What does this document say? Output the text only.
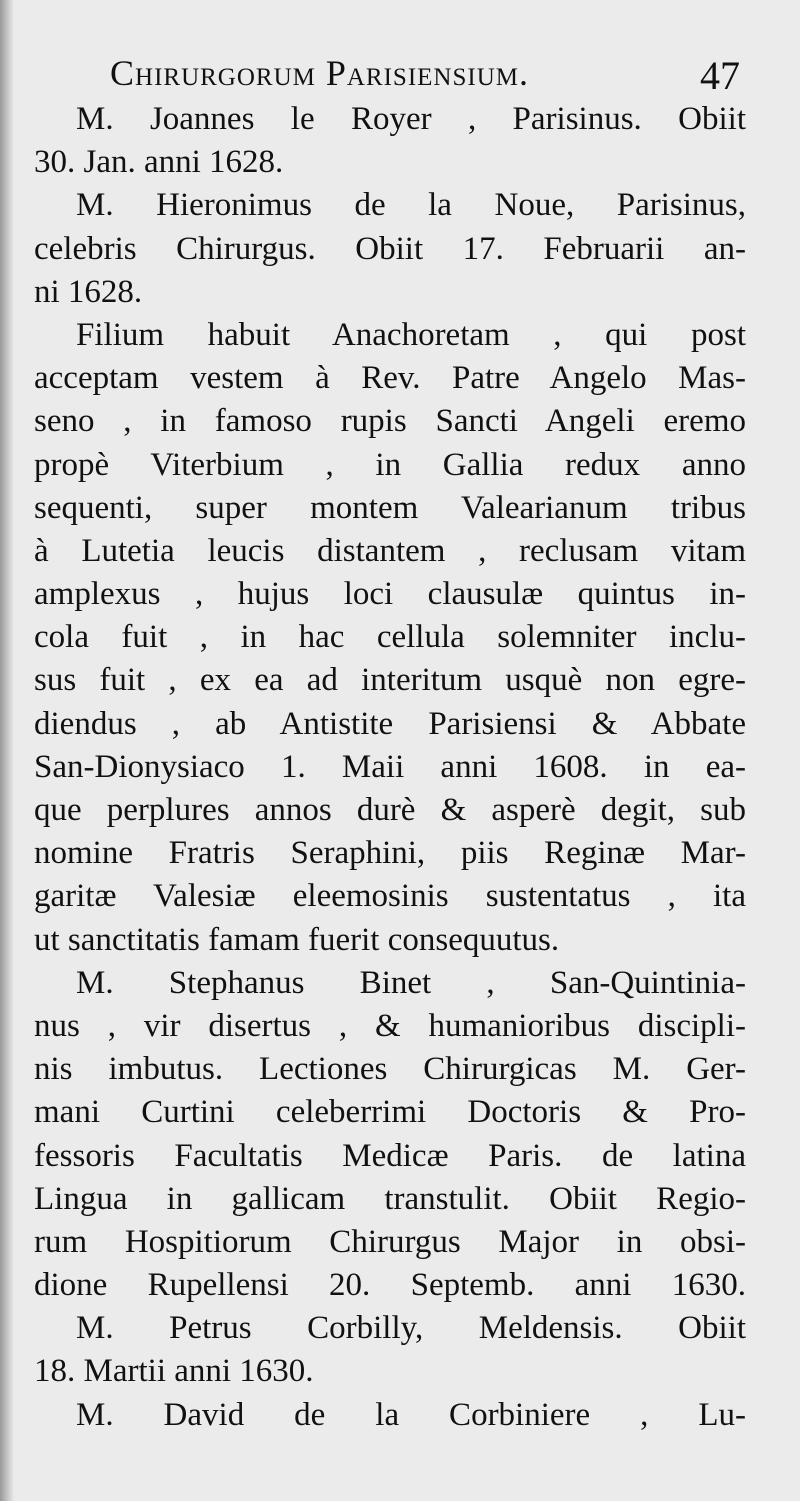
Chirurgorum Parisiensium.	47
M. Joannes le Royer , Parisinus. Obiit
30. Jan. anni 1628.
M. Hieronimus de la Noue, Parisinus,
celebris Chirurgus. Obiit 17. Februarii an-
ni 1628.
Filium habuit Anachoretam , qui post
acceptam vestem à Rev. Patre Angelo Mas-
seno , in famoso rupis Sancti Angeli eremo
propè Viterbium , in Gallia redux anno
sequenti, super montem Valearianum tribus
à Lutetia leucis distantem , reclusam vitam
amplexus , hujus loci clausulæ quintus in-
cola fuit , in hac cellula solemniter inclu-
sus fuit , ex ea ad interitum usquè non egre-
diendus , ab Antistite Parisiensi & Abbate
San-Dionysiaco 1. Maii anni 1608. in ea-
que perplures annos durè & asperè degit, sub
nomine Fratris Seraphini, piis Reginæ Mar-
garitæ Valesiæ eleemosinis sustentatus , ita
ut sanctitatis famam fuerit consequutus.
M. Stephanus Binet , San-Quintinia-
nus , vir disertus , & humanioribus discipli-
nis imbutus. Lectiones Chirurgicas M. Ger-
mani Curtini celeberrimi Doctoris & Pro-
fessoris Facultatis Medicæ Paris. de latina
Lingua in gallicam transtulit. Obiit Regio-
rum Hospitiorum Chirurgus Major in obsi-
dione Rupellensi 20. Septemb. anni 1630.
M. Petrus Corbilly, Meldensis. Obiit
18. Martii anni 1630.
M. David de la Corbiniere , Lu-
